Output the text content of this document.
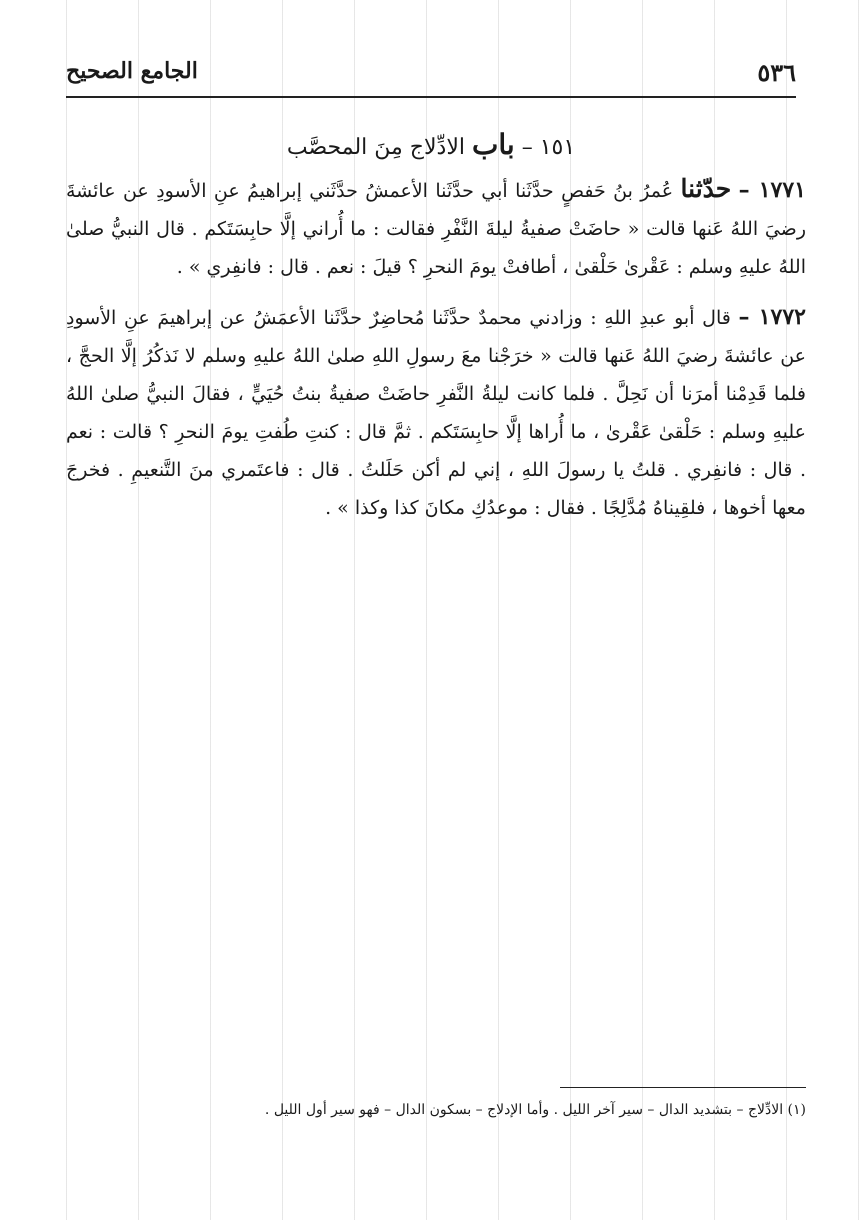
٥٣٦
الجامع الصحيح
١٥١ – باب الادِّلاج مِنَ المحصَّب
١٧٧١ – حدّثنا عُمرُ بنُ حَفصٍ حدَّثَنا أبي حدَّثَنا الأعمشُ حدَّثَني إبراهيمُ عنِ الأسودِ عن عائشةَ رضيَ اللهُ عَنها قالت « حاضَتْ صفيةُ ليلةَ النَّفْرِ فقالت : ما أُراني إلَّا حابِسَتَكم . قال النبيُّ صلىٰ اللهُ عليهِ وسلم : عَقْرىٰ حَلْقىٰ ، أطافتْ يومَ النحرِ ؟ قيلَ : نعم . قال : فانفِري » .
١٧٧٢ – قال أبو عبدِ اللهِ : وزادني محمدٌ حدَّثَنا مُحاضِرٌ حدَّثَنا الأعمَشُ عن إبراهيمَ عنِ الأسودِ عن عائشةَ رضيَ اللهُ عَنها قالت « خرَجْنا معَ رسولِ اللهِ صلىٰ اللهُ عليهِ وسلم لا نَذكُرُ إلَّا الحجَّ ، فلما قَدِمْنا أمرَنا أن نَحِلَّ . فلما كانت ليلةُ النَّفرِ حاضَتْ صفيةُ بنتُ حُيَيٍّ ، فقالَ النبيُّ صلىٰ اللهُ عليهِ وسلم : حَلْقىٰ عَقْرىٰ ، ما أُراها إلَّا حابِسَتَكم . ثمَّ قال : كنتِ طُفتِ يومَ النحرِ ؟ قالت : نعم . قال : فانفِري . قلتُ يا رسولَ اللهِ ، إني لم أكن حَلَلتُ . قال : فاعتَمري منَ التَّنعيمِ . فخرجَ معها أخوها ، فلقِيناهُ مُدَّلِجًا . فقال : موعدُكِ مكانَ كذا وكذا » .
(١) الادِّلاج – بتشديد الدال – سير آخر الليل . وأما الإدلاج – بسكون الدال – فهو سير أول الليل .
